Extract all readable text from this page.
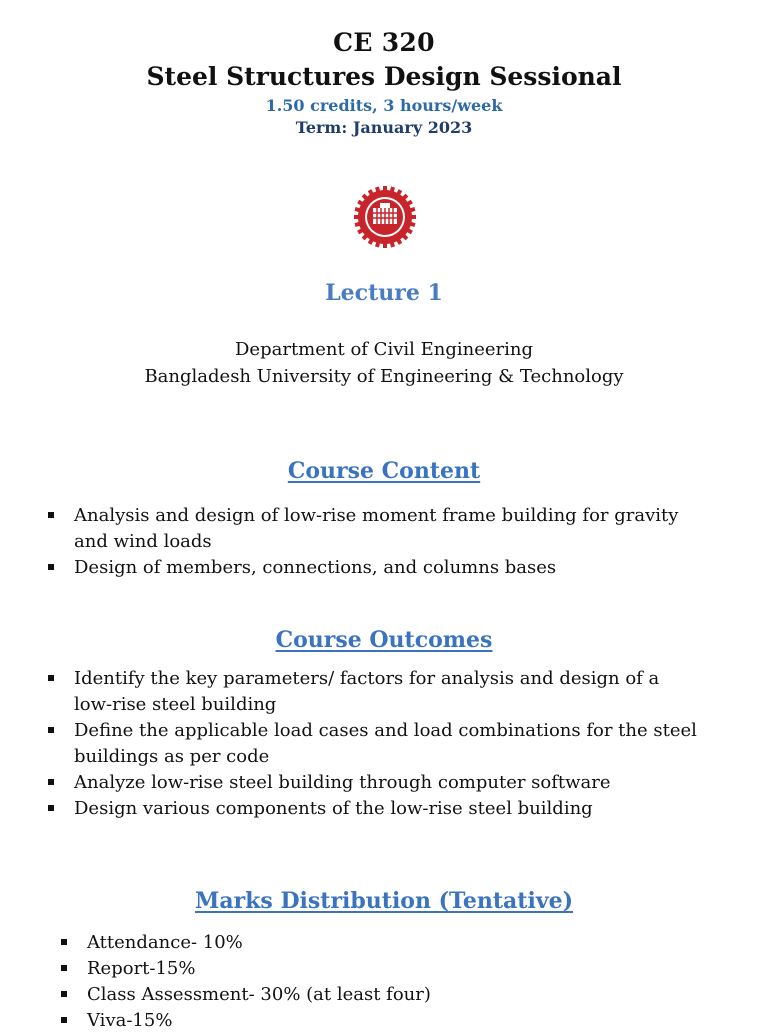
CE 320
Steel Structures Design Sessional
1.50 credits, 3 hours/week
Term: January 2023
Lecture 1
Department of Civil Engineering
Bangladesh University of Engineering & Technology
Course Content
Analysis and design of low-rise moment frame building for gravity
and wind loads
Design of members, connections, and columns bases
Course Outcomes
Identify the key parameters/ factors for analysis and design of a
low-rise steel building
Define the applicable load cases and load combinations for the steel
buildings as per code
Analyze low-rise steel building through computer software
Design various components of the low-rise steel building
Marks Distribution (Tentative)
Attendance- 10%
Report-15%
Class Assessment- 30% (at least four)
Viva-15%
